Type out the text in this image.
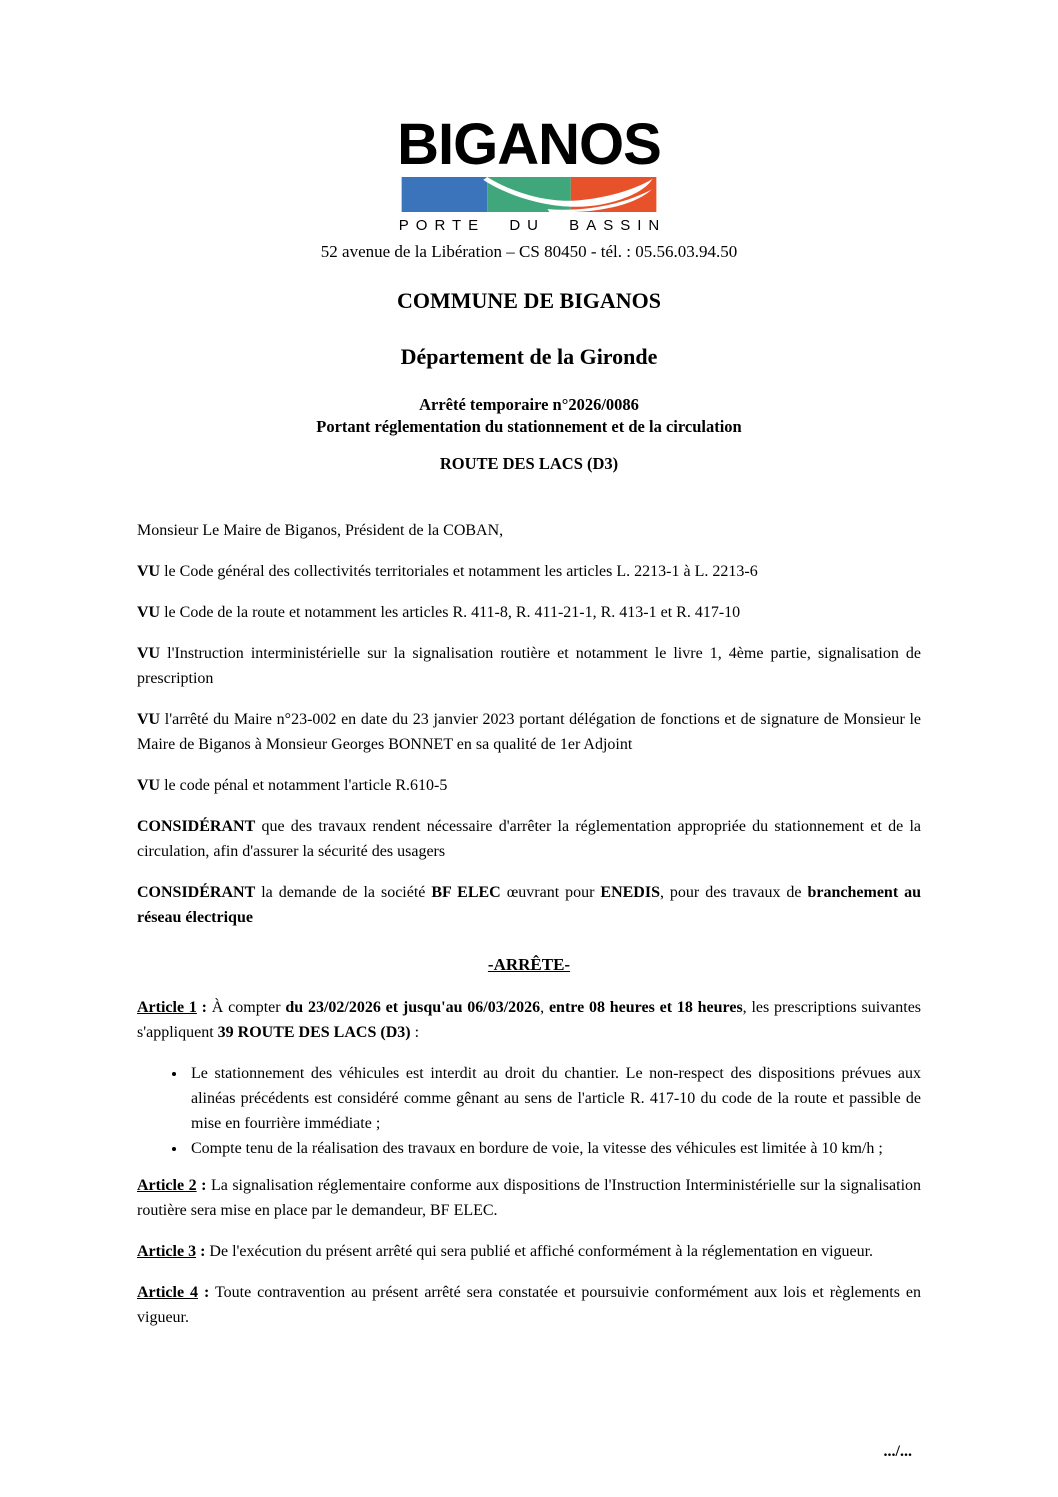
BIGANOS
PORTE DU BASSIN
52 avenue de la Libération – CS 80450 - tél. : 05.56.03.94.50
COMMUNE DE BIGANOS
Département de la Gironde
Arrêté temporaire n°2026/0086
Portant réglementation du stationnement et de la circulation
ROUTE DES LACS (D3)

Monsieur Le Maire de Biganos, Président de la COBAN,

VU le Code général des collectivités territoriales et notamment les articles L. 2213-1 à L. 2213-6

VU le Code de la route et notamment les articles R. 411-8, R. 411-21-1, R. 413-1 et R. 417-10

VU l'Instruction interministérielle sur la signalisation routière et notamment le livre 1, 4ème partie, signalisation de prescription

VU l'arrêté du Maire n°23-002 en date du 23 janvier 2023 portant délégation de fonctions et de signature de Monsieur le Maire de Biganos à Monsieur Georges BONNET en sa qualité de 1er Adjoint

VU le code pénal et notamment l'article R.610-5

CONSIDÉRANT que des travaux rendent nécessaire d'arrêter la réglementation appropriée du stationnement et de la circulation, afin d'assurer la sécurité des usagers

CONSIDÉRANT la demande de la société BF ELEC œuvrant pour ENEDIS, pour des travaux de branchement au réseau électrique

-ARRÊTE-

Article 1 : À compter du 23/02/2026 et jusqu'au 06/03/2026, entre 08 heures et 18 heures, les prescriptions suivantes s'appliquent 39 ROUTE DES LACS (D3) :

• Le stationnement des véhicules est interdit au droit du chantier. Le non-respect des dispositions prévues aux alinéas précédents est considéré comme gênant au sens de l'article R. 417-10 du code de la route et passible de mise en fourrière immédiate ;
• Compte tenu de la réalisation des travaux en bordure de voie, la vitesse des véhicules est limitée à 10 km/h ;

Article 2 : La signalisation réglementaire conforme aux dispositions de l'Instruction Interministérielle sur la signalisation routière sera mise en place par le demandeur, BF ELEC.

Article 3 : De l'exécution du présent arrêté qui sera publié et affiché conformément à la réglementation en vigueur.

Article 4 : Toute contravention au présent arrêté sera constatée et poursuivie conformément aux lois et règlements en vigueur.

.../...
